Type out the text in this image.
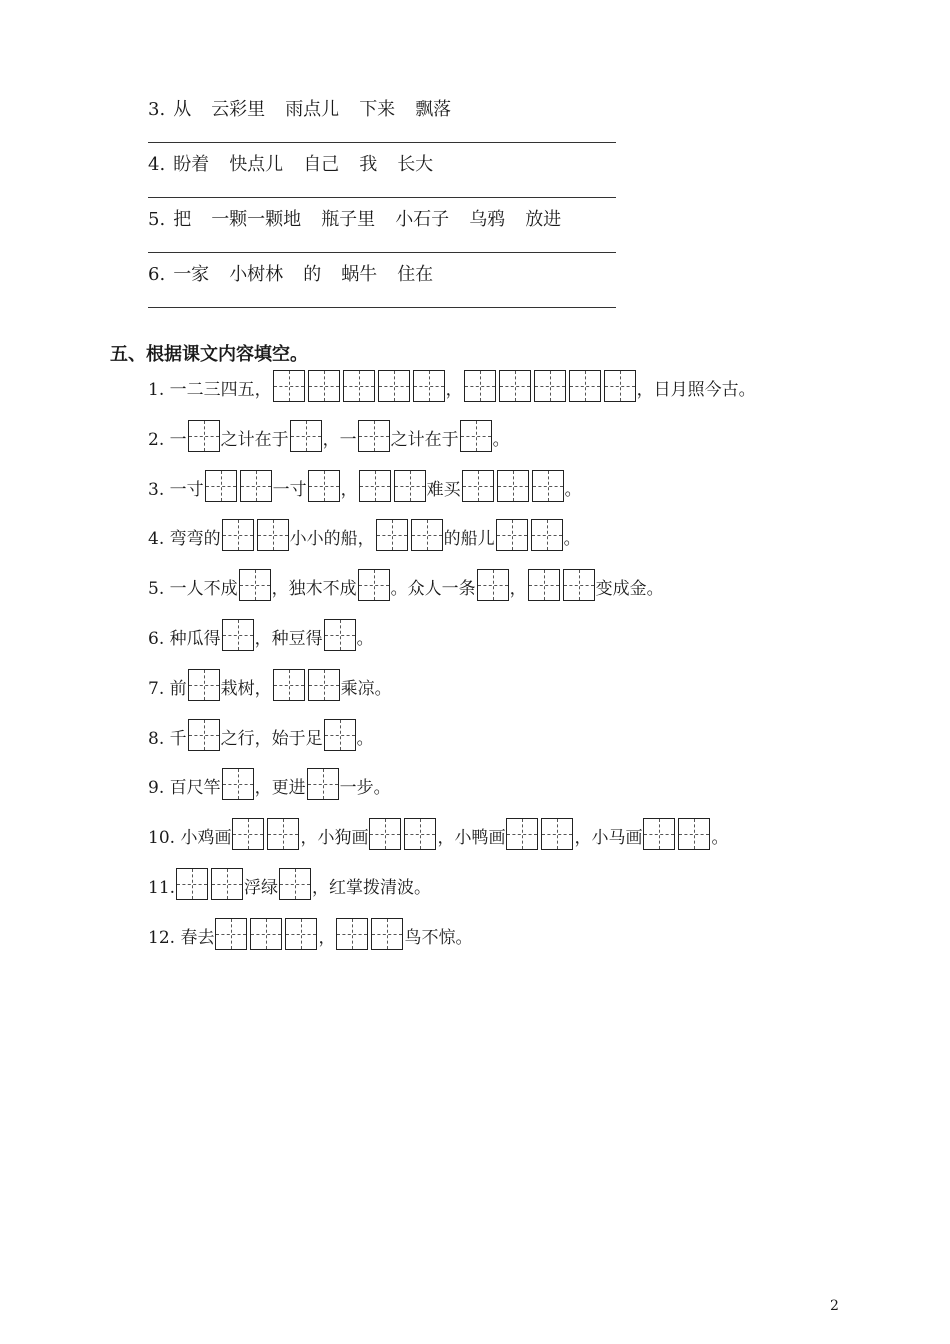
3. 从 云彩里 雨点儿 下来 飘落
4. 盼着 快点儿 自己 我 长大
5. 把 一颗一颗地 瓶子里 小石子 乌鸦 放进
6. 一家 小树林 的 蜗牛 住在
五、根据课文内容填空。
1. 一二三四五，	，	，日月照今古。
2. 一 之计在于 ，一 之计在于 。
3. 一寸	一寸 ，	难买	。
4. 弯弯的	小小的船，	的船儿	。
5. 一人不成 ，独木不成 。众人一条 ，	变成金。
6. 种瓜得 ，种豆得 。
7. 前 栽树，	乘凉。
8. 千 之行，始于足 。
9. 百尺竿 ，更进 一步。
10. 小鸡画	，小狗画	，小鸭画	，小马画	。
11.	浮绿 ，红掌拨清波。
12. 春去	，	鸟不惊。
2
